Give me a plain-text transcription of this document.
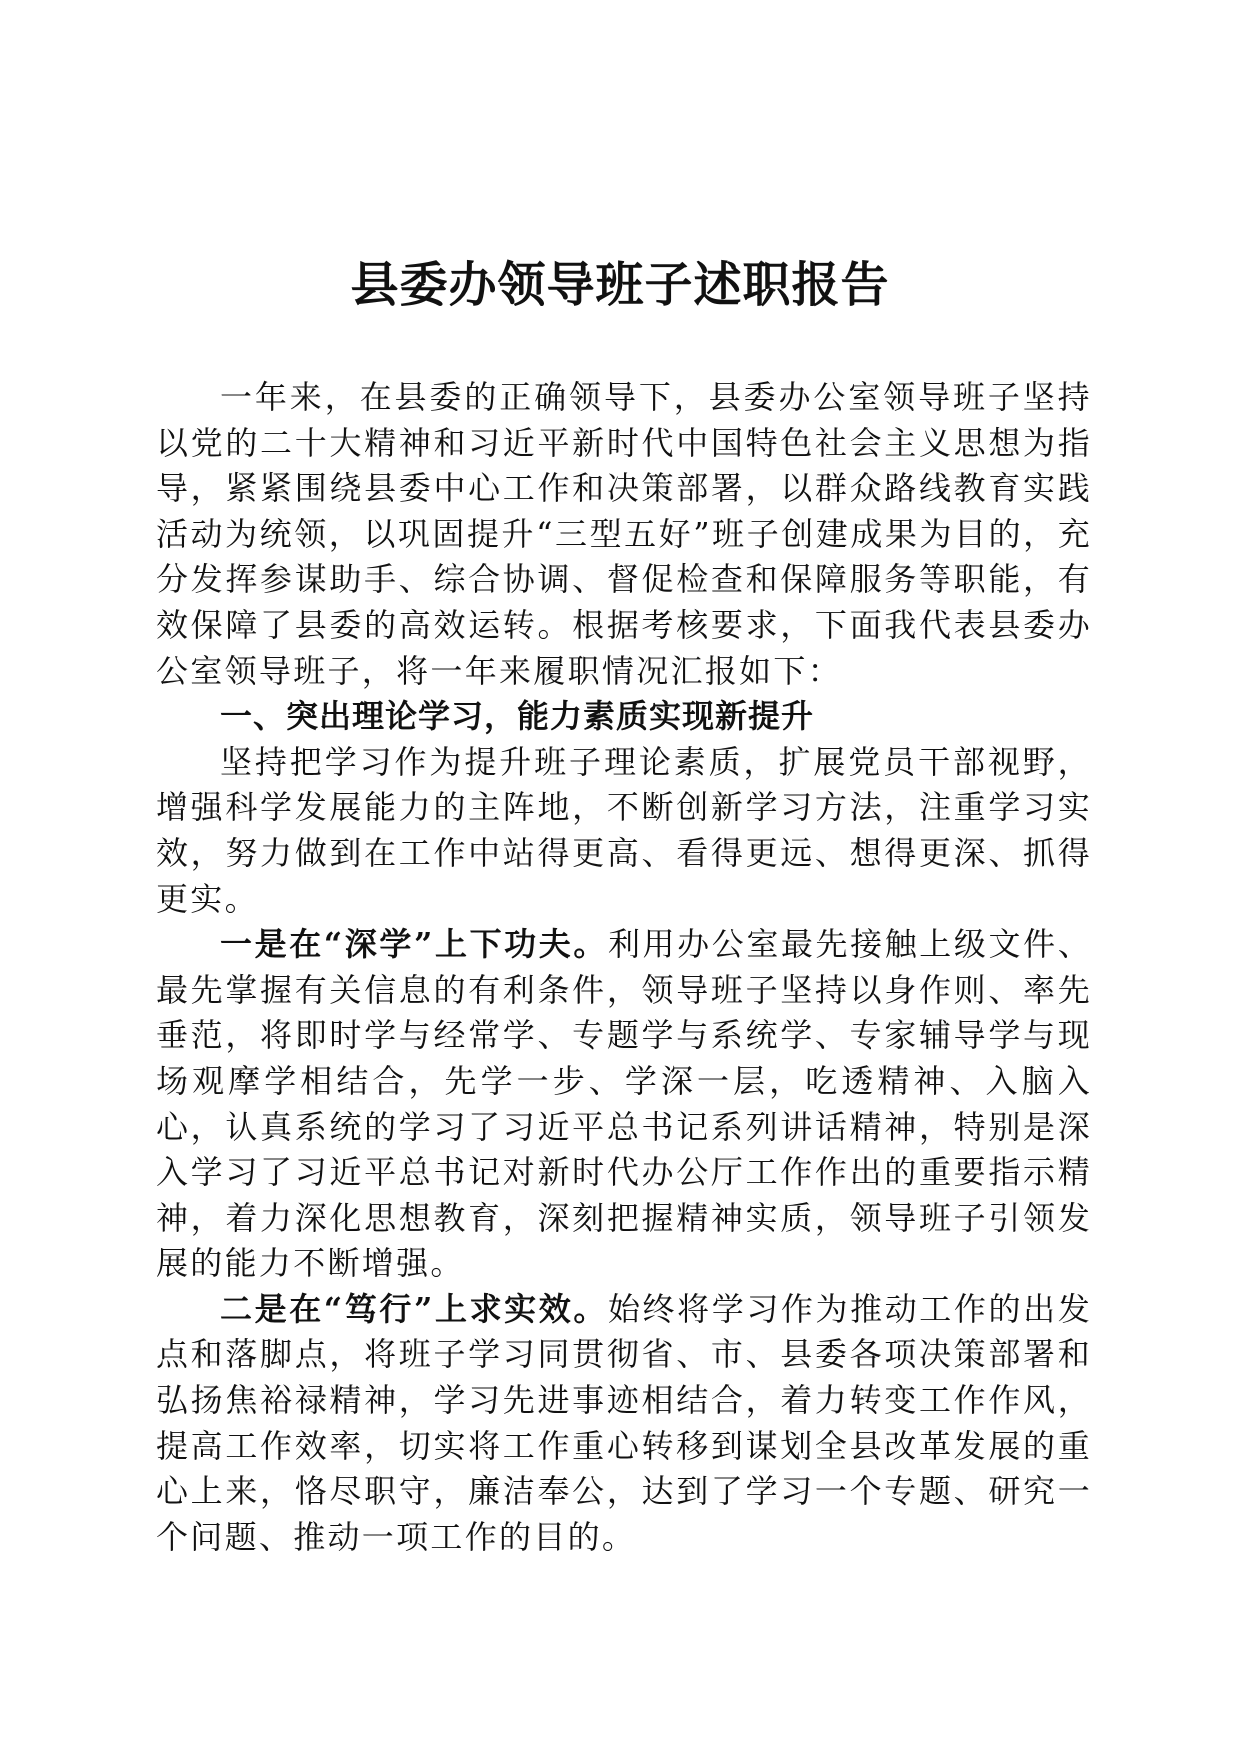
县委办领导班子述职报告

一年来，在县委的正确领导下，县委办公室领导班子坚持以党的二十大精神和习近平新时代中国特色社会主义思想为指导，紧紧围绕县委中心工作和决策部署，以群众路线教育实践活动为统领，以巩固提升“三型五好”班子创建成果为目的，充分发挥参谋助手、综合协调、督促检查和保障服务等职能，有效保障了县委的高效运转。根据考核要求，下面我代表县委办公室领导班子，将一年来履职情况汇报如下：

一、突出理论学习，能力素质实现新提升

坚持把学习作为提升班子理论素质，扩展党员干部视野，增强科学发展能力的主阵地，不断创新学习方法，注重学习实效，努力做到在工作中站得更高、看得更远、想得更深、抓得更实。

一是在“深学”上下功夫。利用办公室最先接触上级文件、最先掌握有关信息的有利条件，领导班子坚持以身作则、率先垂范，将即时学与经常学、专题学与系统学、专家辅导学与现场观摩学相结合，先学一步、学深一层，吃透精神、入脑入心，认真系统的学习了习近平总书记系列讲话精神，特别是深入学习了习近平总书记对新时代办公厅工作作出的重要指示精神，着力深化思想教育，深刻把握精神实质，领导班子引领发展的能力不断增强。

二是在“笃行”上求实效。始终将学习作为推动工作的出发点和落脚点，将班子学习同贯彻省、市、县委各项决策部署和弘扬焦裕禄精神，学习先进事迹相结合，着力转变工作作风，提高工作效率，切实将工作重心转移到谋划全县改革发展的重心上来，恪尽职守，廉洁奉公，达到了学习一个专题、研究一个问题、推动一项工作的目的。
